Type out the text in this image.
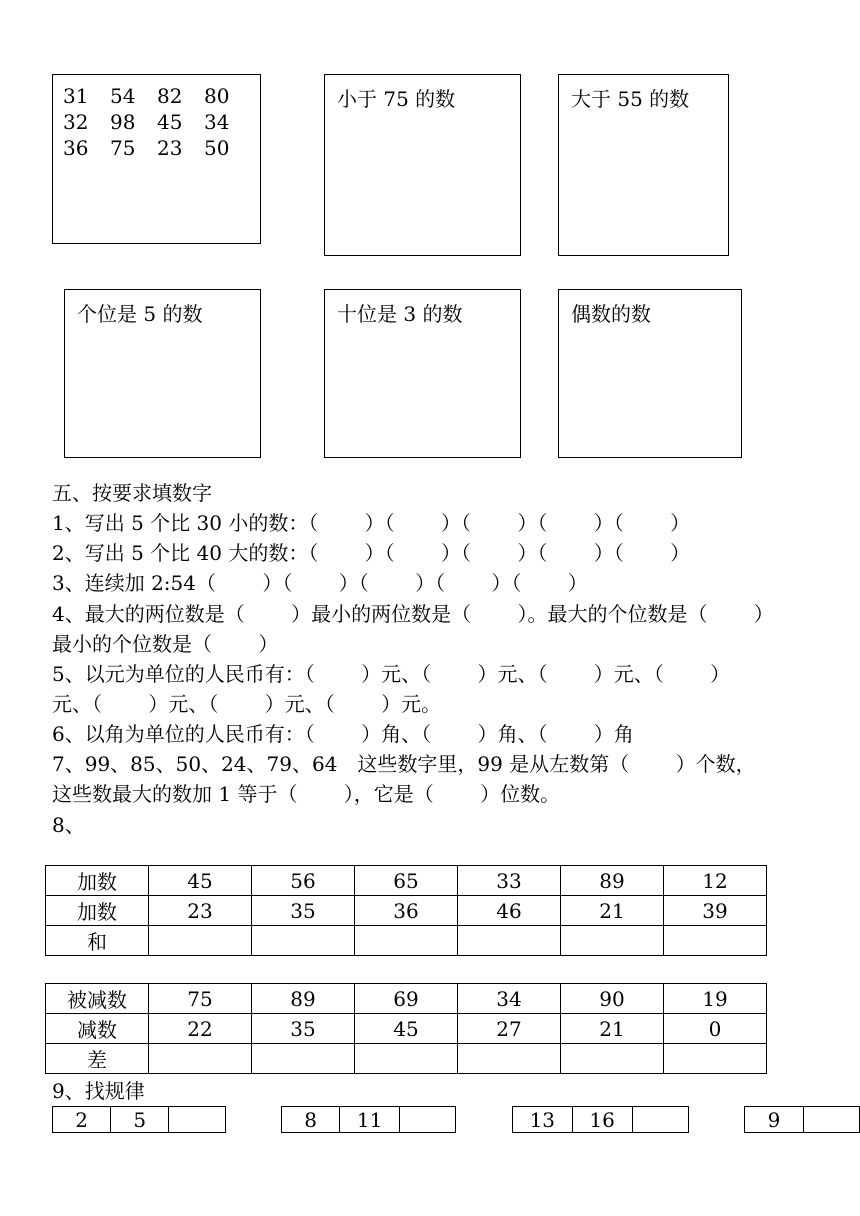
31 54 82 80
32 98 45 34
36 75 23 50
小于 75 的数	大于 55 的数
个位是 5 的数	十位是 3 的数	偶数的数
五、按要求填数字
1、写出 5 个比 30 小的数：（　　 ）（　　 ）（　　 ）（　　 ）（　　 ）
2、写出 5 个比 40 大的数：（　　 ）（　　 ）（　　 ）（　　 ）（　　 ）
3、连续加 2:54（　　 ）（　　 ）（　　 ）（　　 ）（　　 ）
4、最大的两位数是（　　 ）最小的两位数是（　　 ）。最大的个位数是（　　 ）
最小的个位数是（　　 ）
5、以元为单位的人民币有：（　　 ）元、（　　 ）元、（　　 ）元、（　　 ）
元、（　　 ）元、（　　 ）元、（　　 ）元。
6、以角为单位的人民币有：（　　 ）角、（　　 ）角、（　　 ）角
7、99、85、50、24、79、64　这些数字里，99 是从左数第（　　 ）个数，
这些数最大的数加 1 等于（　　 ），它是（　　 ）位数。
8、
加数	45	56	65	33	89	12
加数	23	35	36	46	21	39
和						
被减数	75	89	69	34	90	19
减数	22	35	45	27	21	0
差						
9、找规律
2	5			8	11			13	16			9	
